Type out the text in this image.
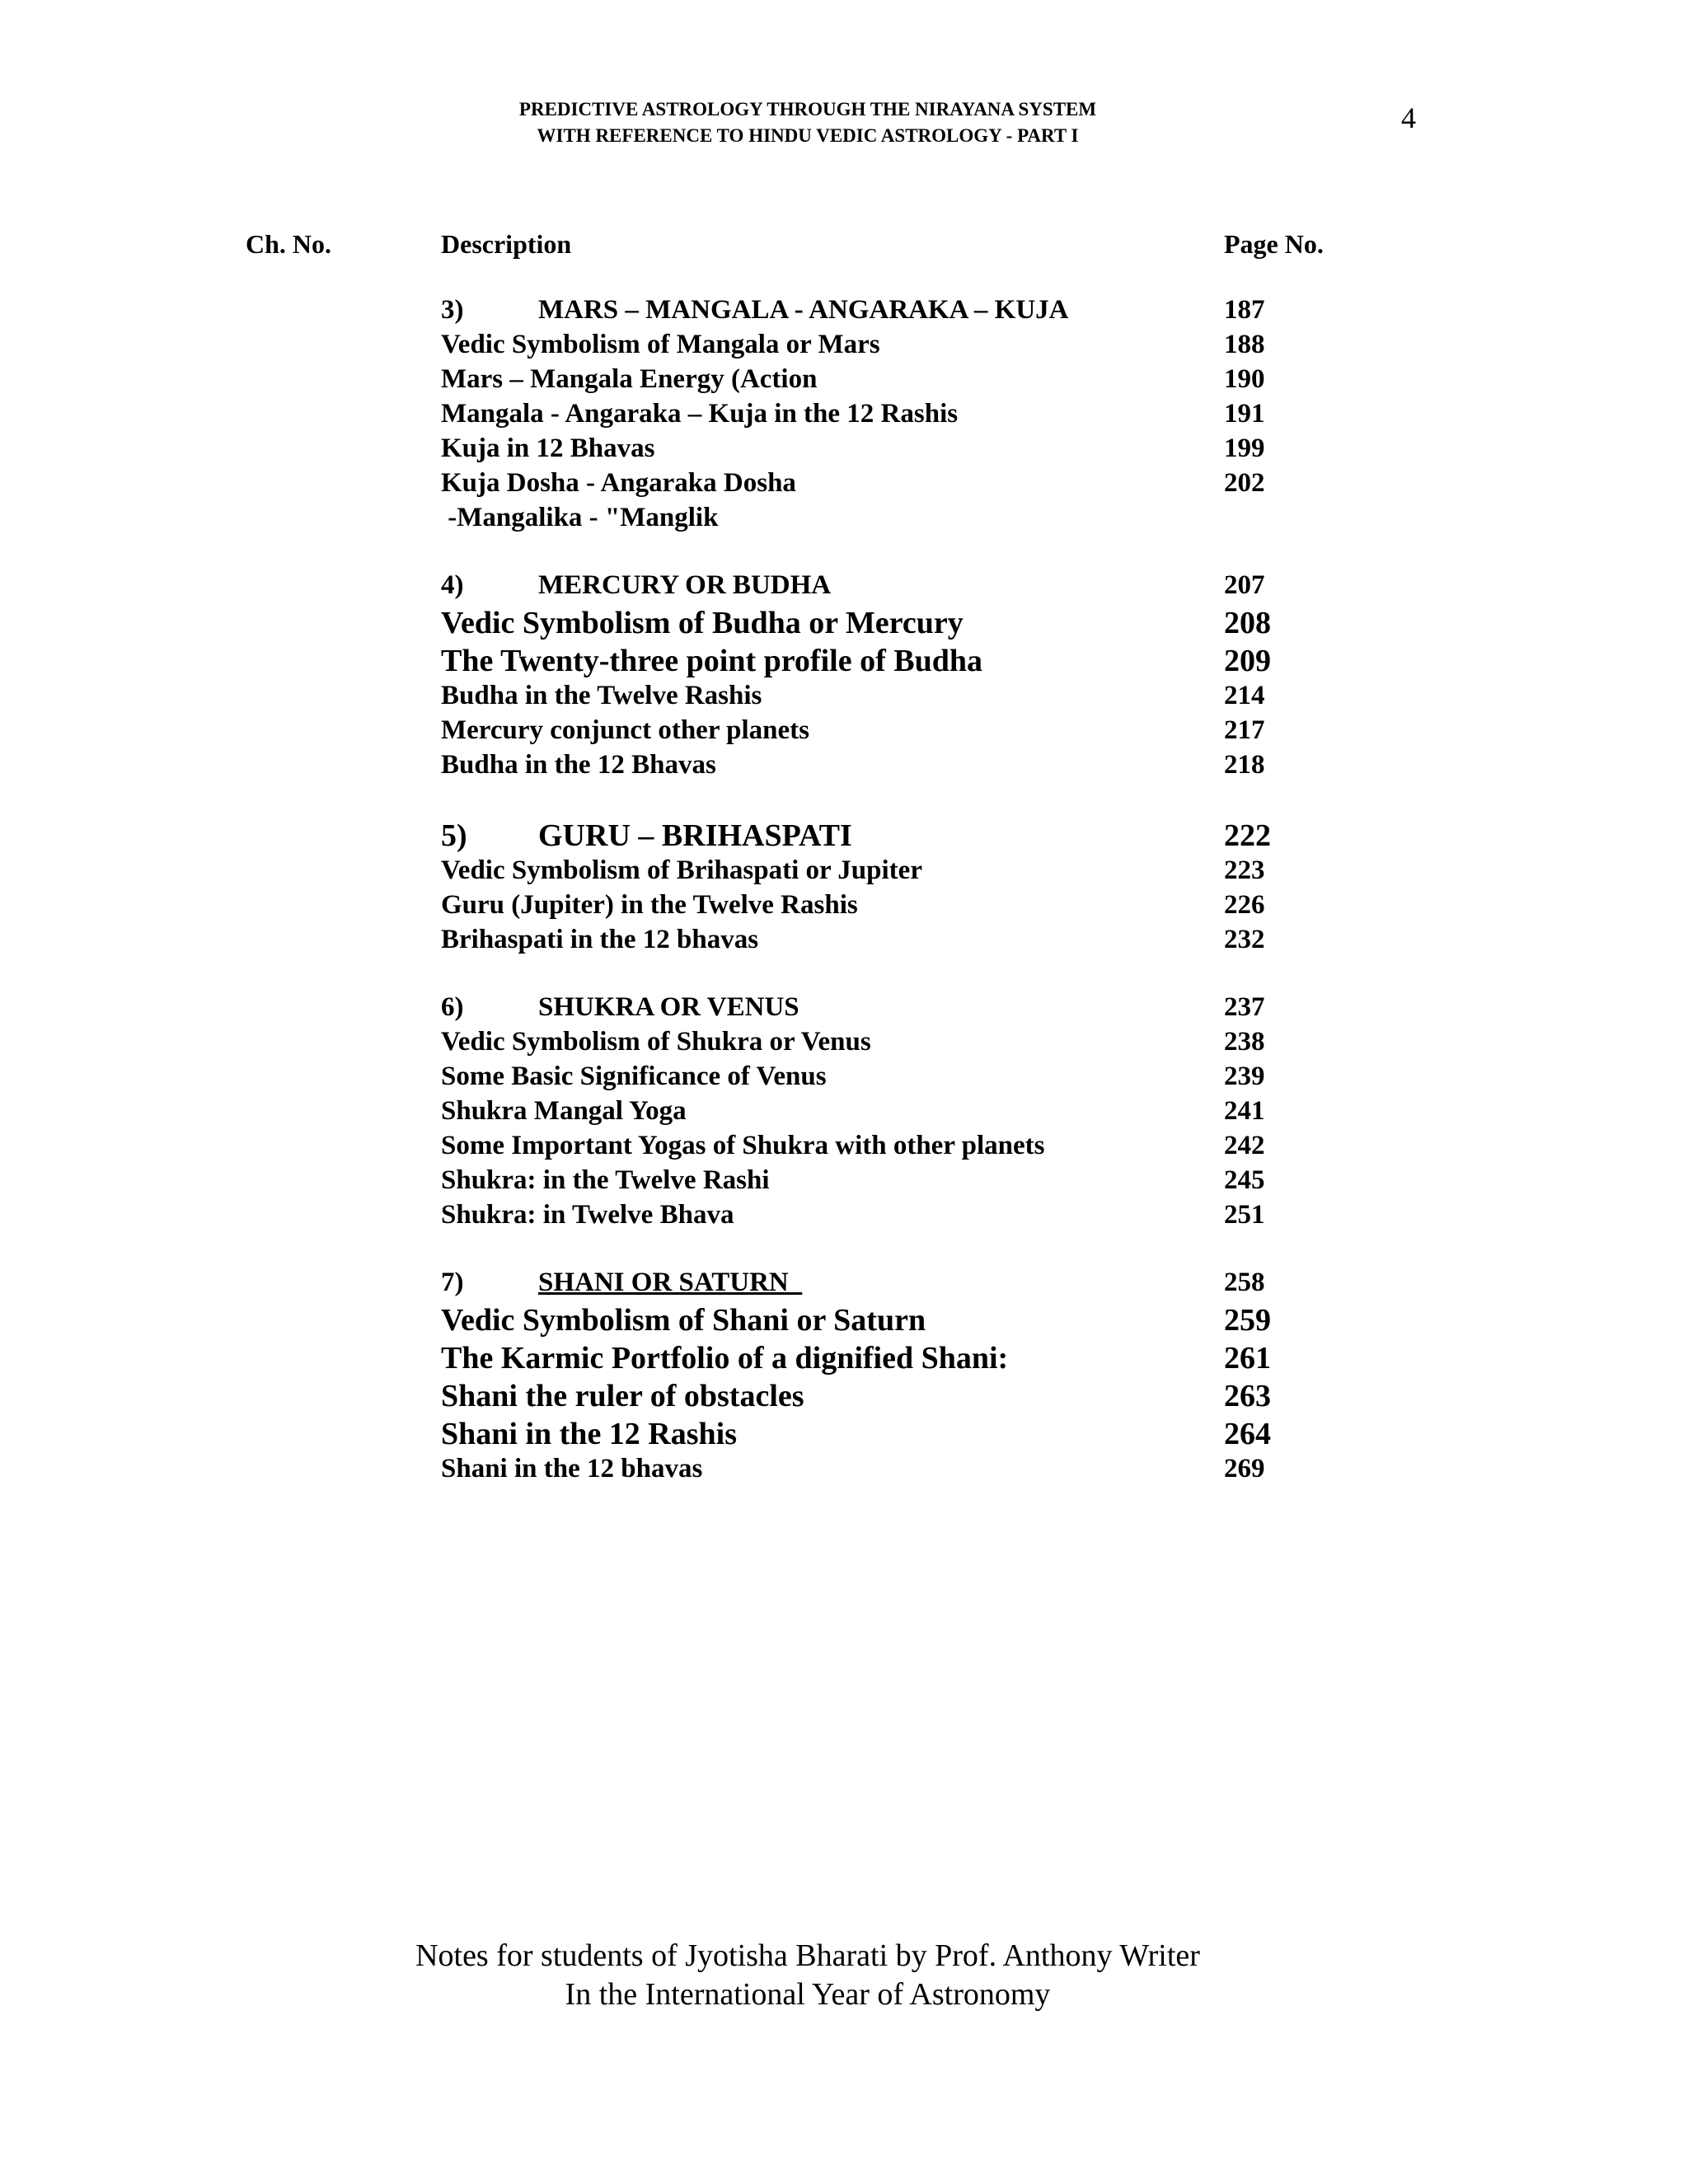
PREDICTIVE ASTROLOGY THROUGH THE NIRAYANA SYSTEM
WITH REFERENCE TO HINDU VEDIC ASTROLOGY - PART I
4
Ch. No.	Description	Page No.
3)	MARS – MANGALA - ANGARAKA – KUJA	187
Vedic Symbolism of Mangala or Mars	188
Mars – Mangala Energy (Action	190
Mangala - Angaraka – Kuja in the 12 Rashis	191
Kuja in 12 Bhavas	199
Kuja Dosha - Angaraka Dosha	202
-Mangalika - "Manglik
4)	MERCURY OR BUDHA	207
Vedic Symbolism of Budha or Mercury	208
The Twenty-three point profile of Budha	209
Budha in the Twelve Rashis	214
Mercury conjunct other planets	217
Budha in the 12 Bhavas	218
5) GURU – BRIHASPATI	222
Vedic Symbolism of Brihaspati or Jupiter	223
Guru (Jupiter) in the Twelve Rashis	226
Brihaspati in the 12 bhavas	232
6)	SHUKRA OR VENUS	237
Vedic Symbolism of Shukra or Venus	238
Some Basic Significance of Venus	239
Shukra Mangal Yoga	241
Some Important Yogas of Shukra with other planets	242
Shukra: in the Twelve Rashi	245
Shukra: in Twelve Bhava	251
7)	SHANI OR SATURN	258
Vedic Symbolism of Shani or Saturn	259
The Karmic Portfolio of a dignified Shani:	261
Shani the ruler of obstacles	263
Shani in the 12 Rashis	264
Shani in the 12 bhavas	269
Notes for students of Jyotisha Bharati by Prof. Anthony Writer
In the International Year of Astronomy
